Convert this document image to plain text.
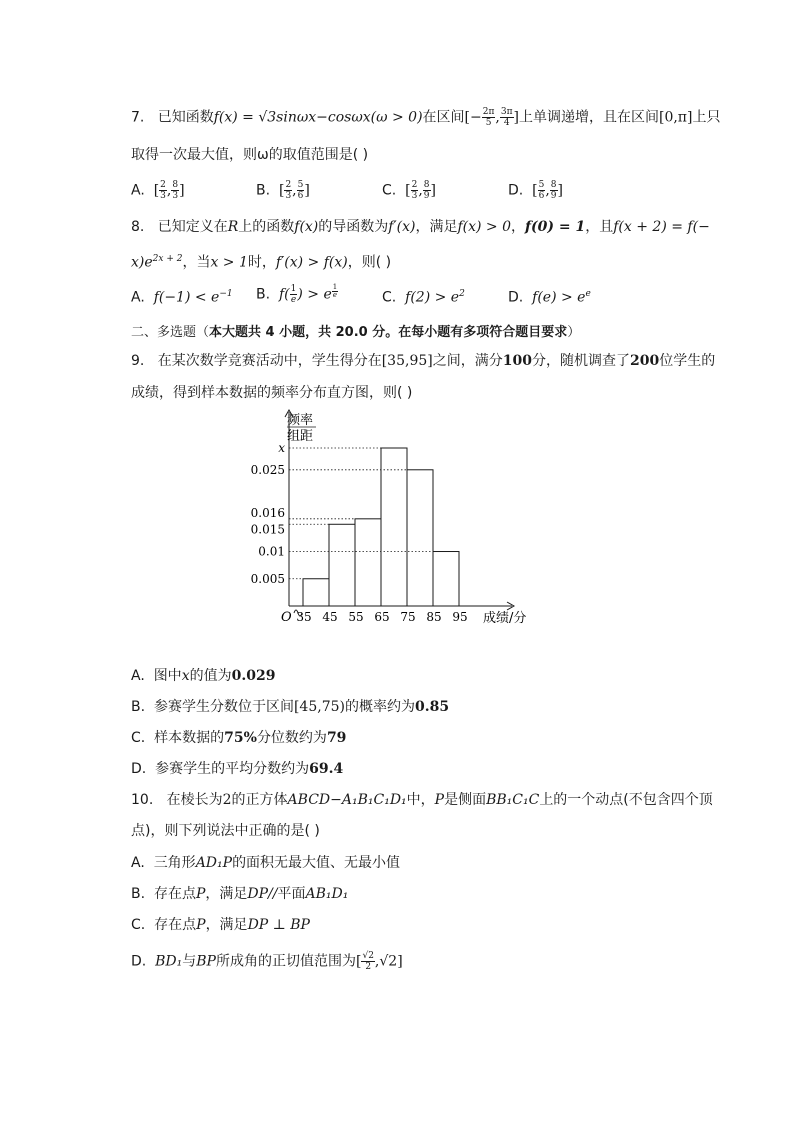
7. 已知函数f(x) = √3sinωx−cosωx(ω > 0)在区间[− $\frac{2\pi}{5}$ , $\frac{3\pi}{4}$ ]上单调递增，且在区间[0,π]上只
取得一次最大值，则ω的取值范围是( )
A. [ $\frac{2}{3}$ , $\frac{8}{3}$ ]	B. [ $\frac{2}{3}$ , $\frac{5}{6}$ ]	C. [ $\frac{2}{3}$ , $\frac{8}{9}$ ]	D. [ $\frac{5}{6}$ , $\frac{8}{9}$ ]
8. 已知定义在R上的函数f(x)的导函数为f′(x)，满足f(x) > 0，f(0) = 1，且f(x + 2) = f(−
$x)e^{2x + 2}$，当x > 1时，f′(x) > f(x)，则( )
A. $f(-1) < e^{-1}$ B. $f( \frac{1}{e}$ ) > e $^{\frac{1}{e}}$	C. $f(2) > e^2$	D. $f(e) > e^e$
二、多选题（本大题共 4 小题，共 20.0 分。在每小题有多项符合题目要求）
9. 在某次数学竞赛活动中，学生得分在[35,95]之间，满分100分，随机调查了200位学生的
成绩，得到样本数据的频率分布直方图，则( )
频率
组距
O
0.005
0.01
0.015
0.016
0.025
x
35 45 55 65 75 85 95 成绩/分
A. 图中x的值为0.029
B. 参赛学生分数位于区间[45,75)的概率约为0.85
C. 样本数据的75%分位数约为79
D. 参赛学生的平均分数约为69.4
10. 在棱长为2的正方体ABCD−A₁B₁C₁D₁中，P是侧面BB₁C₁C上的一个动点(不包含四个顶
点)，则下列说法中正确的是( )
A. 三角形AD₁P的面积无最大值、无最小值
B. 存在点P，满足DP//平面AB₁D₁
C. 存在点P，满足DP ⊥ BP
D. BD₁与BP所成角的正切值范围为[ $\frac{√2}{2} ,√2$]
